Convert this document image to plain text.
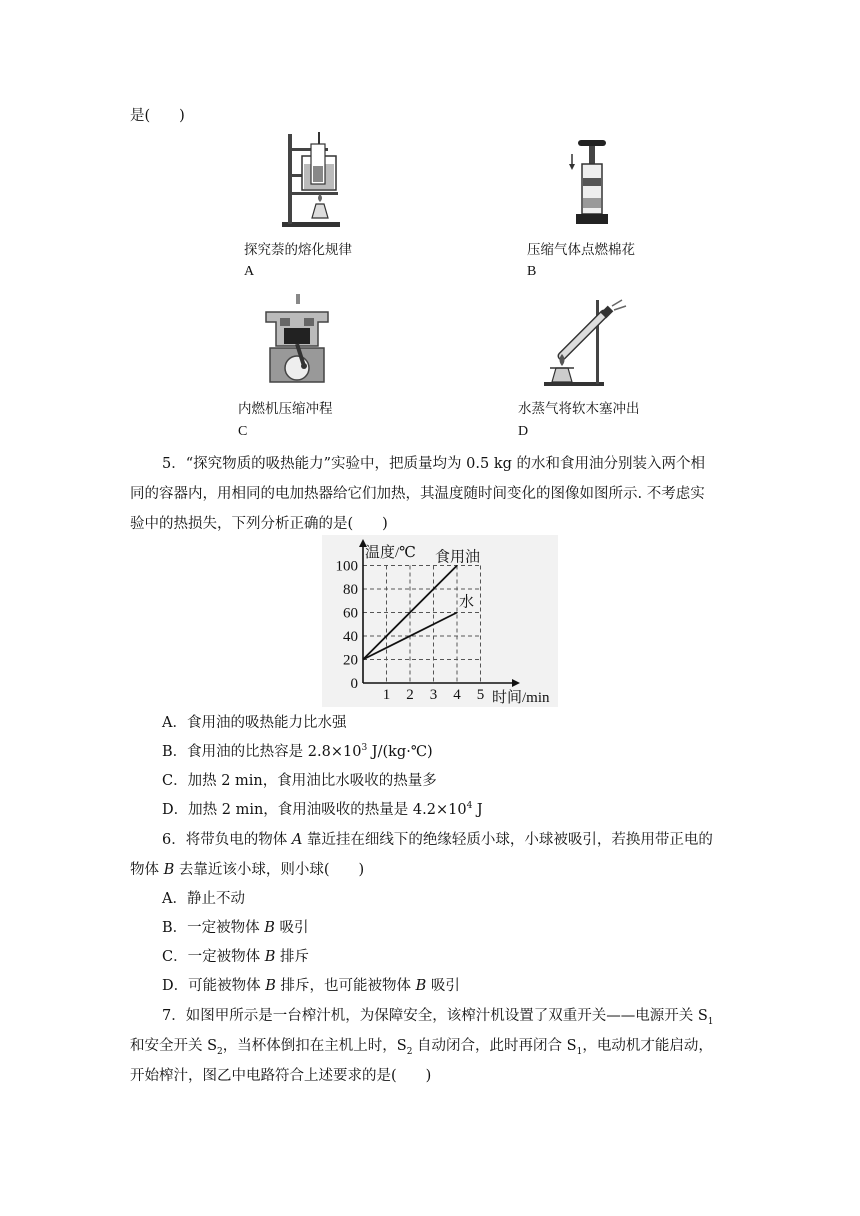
是(　　)
探究萘的熔化规律
A
压缩气体点燃棉花
B
内燃机压缩冲程
C
水蒸气将软木塞冲出
D
5．“探究物质的吸热能力”实验中，把质量均为 0.5 kg 的水和食用油分别装入两个相
同的容器内，用相同的电加热器给它们加热，其温度随时间变化的图像如图所示. 不考虑实
验中的热损失，下列分析正确的是(　　)
1 2 3 4 5
0
20
40
60
80
100
温度/℃
时间/min
食用油
水
A．食用油的吸热能力比水强
B．食用油的比热容是 $2.8\times 10^3$ J/(kg·℃)
C．加热 2 min，食用油比水吸收的热量多
D．加热 2 min，食用油吸收的热量是 $4.2\times 10^4$ J
6．将带负电的物体 A 靠近挂在细线下的绝缘轻质小球，小球被吸引，若换用带正电的
物体 B 去靠近该小球，则小球(　　)
A．静止不动
B．一定被物体 B 吸引
C．一定被物体 B 排斥
D．可能被物体 B 排斥，也可能被物体 B 吸引
7．如图甲所示是一台榨汁机，为保障安全，该榨汁机设置了双重开关——电源开关 $S_1$
和安全开关 $S_2$，当杯体倒扣在主机上时，$S_2$ 自动闭合，此时再闭合 $S_1$，电动机才能启动，
开始榨汁，图乙中电路符合上述要求的是(　　)
